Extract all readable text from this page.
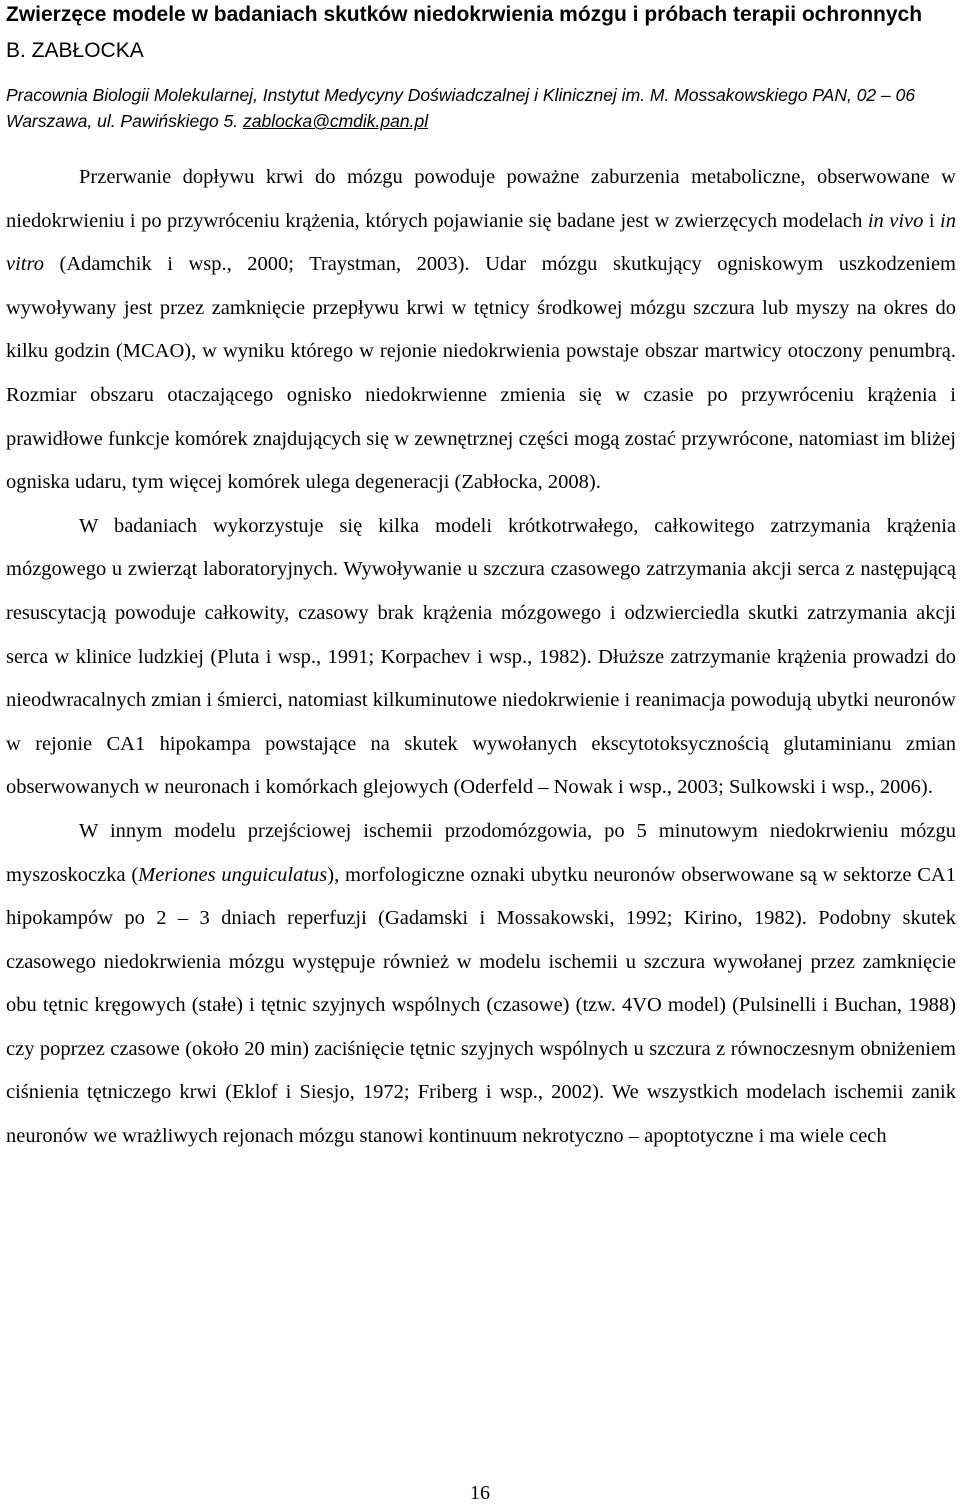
Zwierzęce modele w badaniach skutków niedokrwienia mózgu i próbach terapii ochronnych
B. ZABŁOCKA
Pracownia Biologii Molekularnej, Instytut Medycyny Doświadczalnej i Klinicznej im. M. Mossakowskiego PAN, 02 – 06 Warszawa, ul. Pawińskiego 5. zablocka@cmdik.pan.pl

Przerwanie dopływu krwi do mózgu powoduje poważne zaburzenia metaboliczne, obserwowane w niedokrwieniu i po przywróceniu krążenia, których pojawianie się badane jest w zwierzęcych modelach in vivo i in vitro (Adamchik i wsp., 2000; Traystman, 2003). Udar mózgu skutkujący ogniskowym uszkodzeniem wywoływany jest przez zamknięcie przepływu krwi w tętnicy środkowej mózgu szczura lub myszy na okres do kilku godzin (MCAO), w wyniku którego w rejonie niedokrwienia powstaje obszar martwicy otoczony penumbrą. Rozmiar obszaru otaczającego ognisko niedokrwienne zmienia się w czasie po przywróceniu krążenia i prawidłowe funkcje komórek znajdujących się w zewnętrznej części mogą zostać przywrócone, natomiast im bliżej ogniska udaru, tym więcej komórek ulega degeneracji (Zabłocka, 2008).

W badaniach wykorzystuje się kilka modeli krótkotrwałego, całkowitego zatrzymania krążenia mózgowego u zwierząt laboratoryjnych. Wywoływanie u szczura czasowego zatrzymania akcji serca z następującą resuscytacją powoduje całkowity, czasowy brak krążenia mózgowego i odzwierciedla skutki zatrzymania akcji serca w klinice ludzkiej (Pluta i wsp., 1991; Korpachev i wsp., 1982). Dłuższe zatrzymanie krążenia prowadzi do nieodwracalnych zmian i śmierci, natomiast kilkuminutowe niedokrwienie i reanimacja powodują ubytki neuronów w rejonie CA1 hipokampa powstające na skutek wywołanych ekscytotoksycznością glutaminianu zmian obserwowanych w neuronach i komórkach glejowych (Oderfeld – Nowak i wsp., 2003; Sulkowski i wsp., 2006).

W innym modelu przejściowej ischemii przodomózgowia, po 5 minutowym niedokrwieniu mózgu myszoskoczka (Meriones unguiculatus), morfologiczne oznaki ubytku neuronów obserwowane są w sektorze CA1 hipokampów po 2 – 3 dniach reperfuzji (Gadamski i Mossakowski, 1992; Kirino, 1982). Podobny skutek czasowego niedokrwienia mózgu występuje również w modelu ischemii u szczura wywołanej przez zamknięcie obu tętnic kręgowych (stałe) i tętnic szyjnych wspólnych (czasowe) (tzw. 4VO model) (Pulsinelli i Buchan, 1988) czy poprzez czasowe (około 20 min) zaciśnięcie tętnic szyjnych wspólnych u szczura z równoczesnym obniżeniem ciśnienia tętniczego krwi (Eklof i Siesjo, 1972; Friberg i wsp., 2002). We wszystkich modelach ischemii zanik neuronów we wrażliwych rejonach mózgu stanowi kontinuum nekrotyczno – apoptotyczne i ma wiele cech

16
